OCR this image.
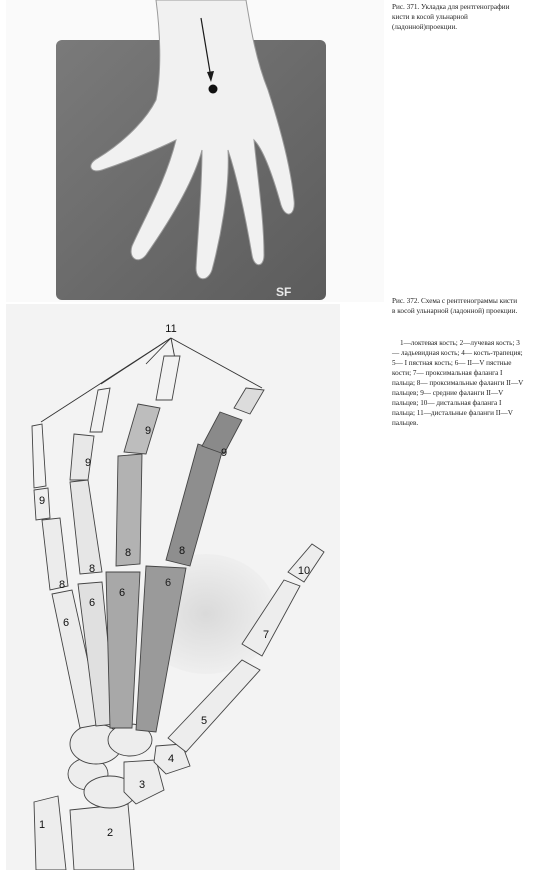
SF
Рис. 371. Укладка для рентгенографии кисти в косой ульнарной (ладонной)проекции.
1
2
3
4
5
6
6
6
6
7
8
8
8	8
9
9
9
9
10
11
Рис. 372. Схема с рентгенограммы кисти в косой ульнарной (ладонной) проекции.
1—локтевая кость; 2—лучевая кость; 3— ладьевидная кость; 4— кость-трапеция; 5— I пястная кость; 6— II—V пястные кости; 7— проксимальная фаланга I пальца; 8— проксимальные фаланги II—V пальцев; 9— средние фаланги II—V пальцев; 10— дистальная фаланга I пальца; 11—дистальные фаланги II—V пальцев.
